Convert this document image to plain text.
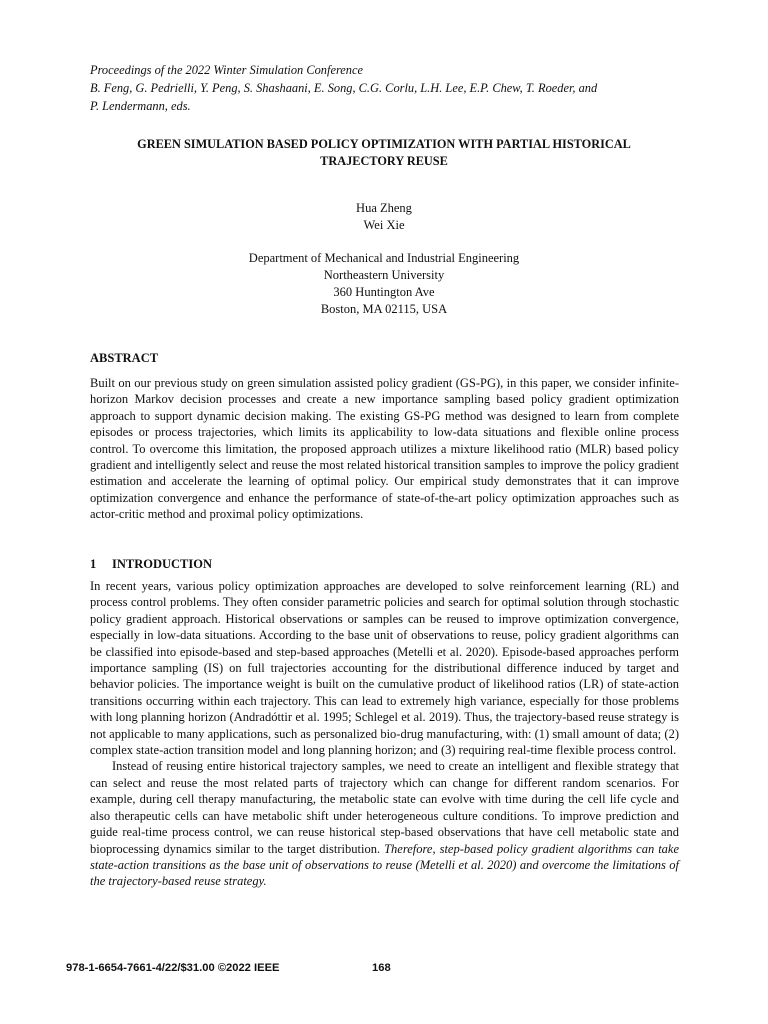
Proceedings of the 2022 Winter Simulation Conference
B. Feng, G. Pedrielli, Y. Peng, S. Shashaani, E. Song, C.G. Corlu, L.H. Lee, E.P. Chew, T. Roeder, and
P. Lendermann, eds.
GREEN SIMULATION BASED POLICY OPTIMIZATION WITH PARTIAL HISTORICAL
TRAJECTORY REUSE
Hua Zheng
Wei Xie
Department of Mechanical and Industrial Engineering
Northeastern University
360 Huntington Ave
Boston, MA 02115, USA
ABSTRACT
Built on our previous study on green simulation assisted policy gradient (GS-PG), in this paper, we consider infinite-horizon Markov decision processes and create a new importance sampling based policy gradient optimization approach to support dynamic decision making. The existing GS-PG method was designed to learn from complete episodes or process trajectories, which limits its applicability to low-data situations and flexible online process control. To overcome this limitation, the proposed approach utilizes a mixture likelihood ratio (MLR) based policy gradient and intelligently select and reuse the most related historical transition samples to improve the policy gradient estimation and accelerate the learning of optimal policy. Our empirical study demonstrates that it can improve optimization convergence and enhance the performance of state-of-the-art policy optimization approaches such as actor-critic method and proximal policy optimizations.
1 INTRODUCTION

In recent years, various policy optimization approaches are developed to solve reinforcement learning (RL) and process control problems. They often consider parametric policies and search for optimal solution through stochastic policy gradient approach. Historical observations or samples can be reused to improve optimization convergence, especially in low-data situations. According to the base unit of observations to reuse, policy gradient algorithms can be classified into episode-based and step-based approaches (Metelli et al. 2020). Episode-based approaches perform importance sampling (IS) on full trajectories accounting for the distributional difference induced by target and behavior policies. The importance weight is built on the cumulative product of likelihood ratios (LR) of state-action transitions occurring within each trajectory. This can lead to extremely high variance, especially for those problems with long planning horizon (Andradóttir et al. 1995; Schlegel et al. 2019). Thus, the trajectory-based reuse strategy is not applicable to many applications, such as personalized bio-drug manufacturing, with: (1) small amount of data; (2) complex state-action transition model and long planning horizon; and (3) requiring real-time flexible process control.

Instead of reusing entire historical trajectory samples, we need to create an intelligent and flexible strategy that can select and reuse the most related parts of trajectory which can change for different random scenarios. For example, during cell therapy manufacturing, the metabolic state can evolve with time during the cell life cycle and also therapeutic cells can have metabolic shift under heterogeneous culture conditions. To improve prediction and guide real-time process control, we can reuse historical step-based observations that have cell metabolic state and bioprocessing dynamics similar to the target distribution. Therefore, step-based policy gradient algorithms can take state-action transitions as the base unit of observations to reuse (Metelli et al. 2020) and overcome the limitations of the trajectory-based reuse strategy.

978-1-6654-7661-4/22/$31.00 ©2022 IEEE	168
